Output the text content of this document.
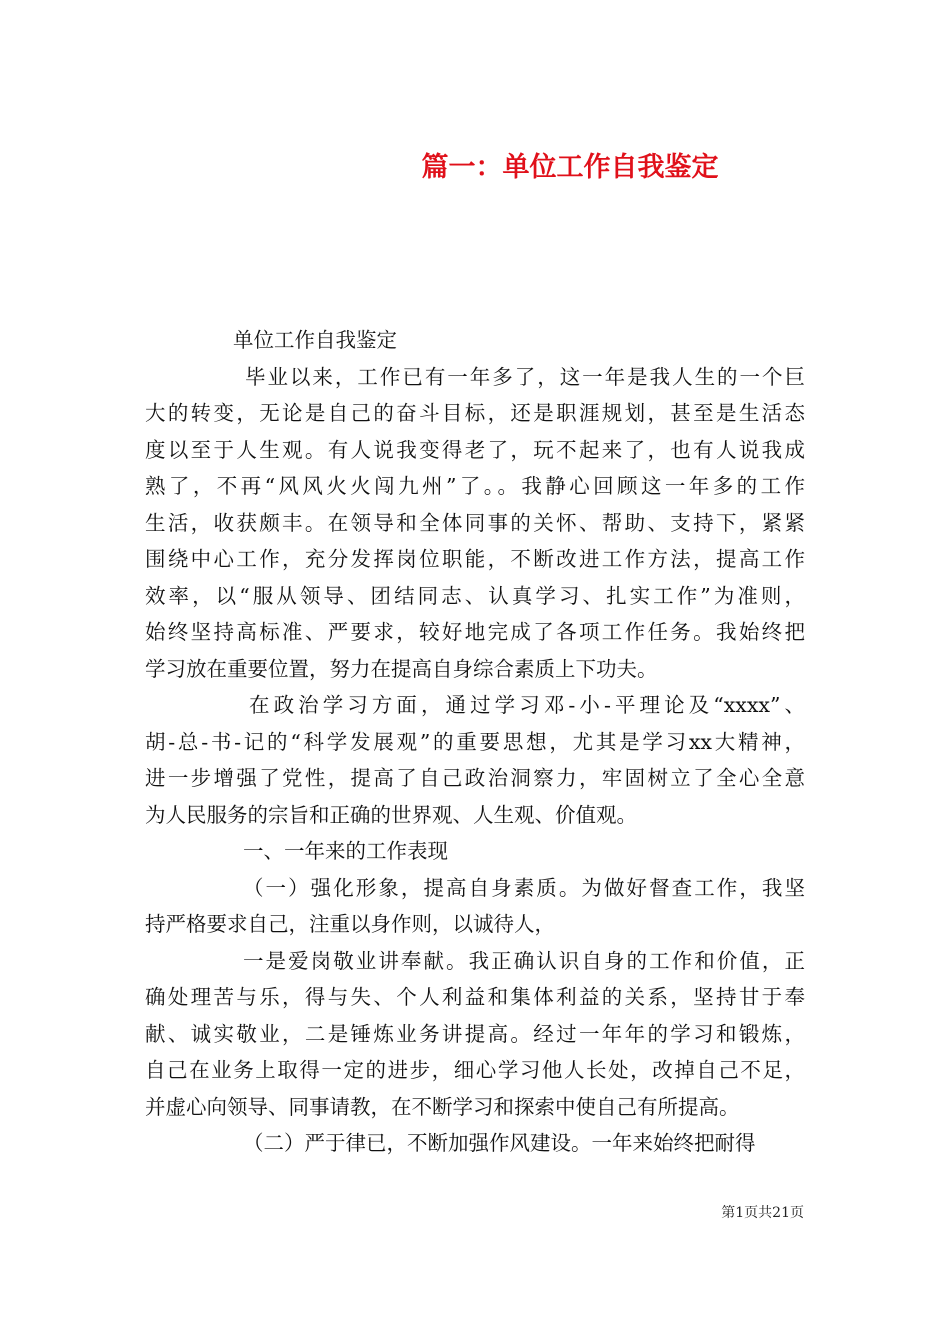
篇一：单位工作自我鉴定
单位工作自我鉴定
毕业以来，工作已有一年多了，这一年是我人生的一个巨
大的转变，无论是自己的奋斗目标，还是职涯规划，甚至是生活态
度以至于人生观。有人说我变得老了，玩不起来了，也有人说我成
熟了，不再“风风火火闯九州”了。。我静心回顾这一年多的工作
生活，收获颇丰。在领导和全体同事的关怀、帮助、支持下，紧紧
围绕中心工作，充分发挥岗位职能，不断改进工作方法，提高工作
效率，以“服从领导、团结同志、认真学习、扎实工作”为准则，
始终坚持高标准、严要求，较好地完成了各项工作任务。我始终把
学习放在重要位置，努力在提高自身综合素质上下功夫。
在政治学习方面，通过学习邓-小-平理论及“xxxx”、
胡-总-书-记的“科学发展观”的重要思想，尤其是学习xx大精神，
进一步增强了党性，提高了自己政治洞察力，牢固树立了全心全意
为人民服务的宗旨和正确的世界观、人生观、价值观。
一、一年来的工作表现
（一）强化形象，提高自身素质。为做好督查工作，我坚
持严格要求自己，注重以身作则，以诚待人，
一是爱岗敬业讲奉献。我正确认识自身的工作和价值，正
确处理苦与乐，得与失、个人利益和集体利益的关系，坚持甘于奉
献、诚实敬业，二是锤炼业务讲提高。经过一年年的学习和锻炼，
自己在业务上取得一定的进步，细心学习他人长处，改掉自己不足，
并虚心向领导、同事请教，在不断学习和探索中使自己有所提高。
（二）严于律已，不断加强作风建设。一年来始终把耐得
第1页共21页
